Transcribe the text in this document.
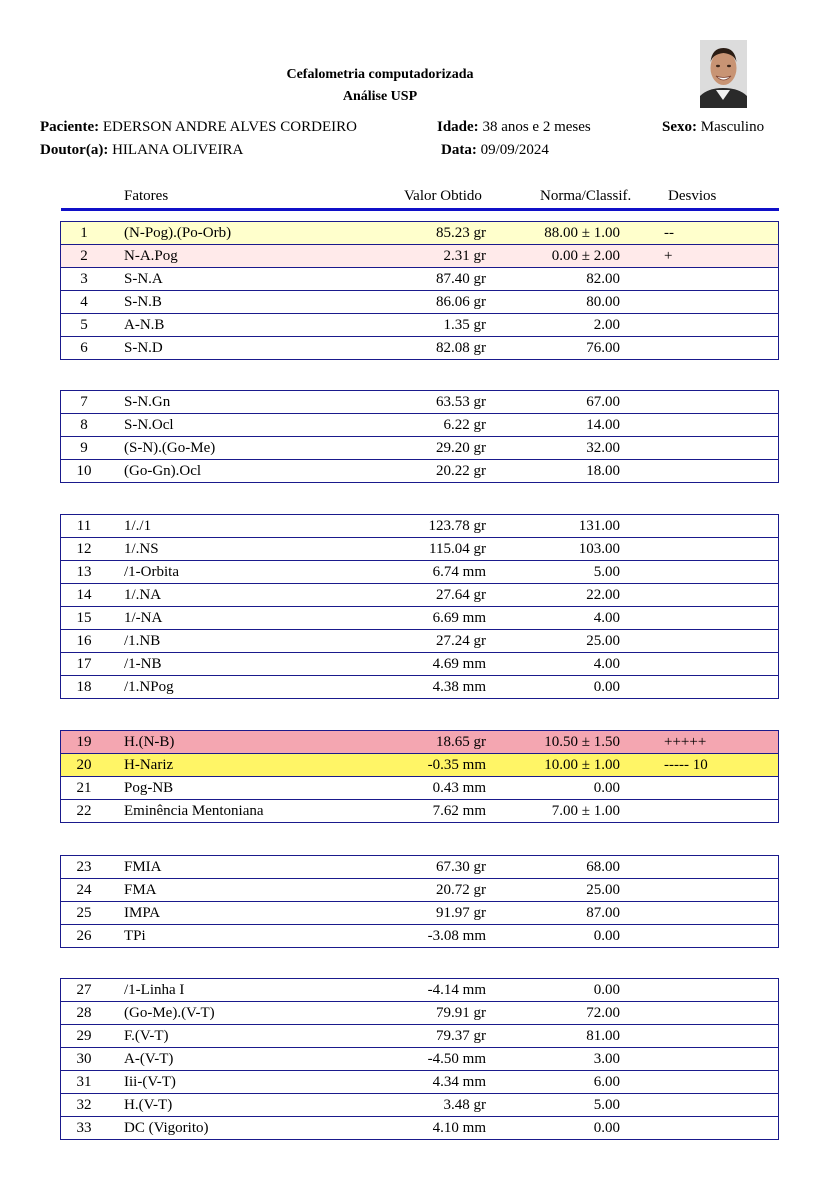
Cefalometria computadorizada
Análise USP
Paciente: EDERSON ANDRE ALVES CORDEIRO	Idade: 38 anos e 2 meses	Sexo: Masculino
Doutor(a): HILANA OLIVEIRA	Data: 09/09/2024
Fatores	Valor Obtido	Norma/Classif. Desvios
1	(N-Pog).(Po-Orb)	85.23 gr	88.00 ± 1.00	--
2	N-A.Pog	2.31 gr	0.00 ± 2.00	+
3	S-N.A	87.40 gr	82.00
4	S-N.B	86.06 gr	80.00
5	A-N.B	1.35 gr	2.00
6	S-N.D	82.08 gr	76.00
7	S-N.Gn	63.53 gr	67.00
8	S-N.Ocl	6.22 gr	14.00
9	(S-N).(Go-Me)	29.20 gr	32.00
10	(Go-Gn).Ocl	20.22 gr	18.00
11	1/./1	123.78 gr	131.00
12	1/.NS	115.04 gr	103.00
13	/1-Orbita	6.74 mm	5.00
14	1/.NA	27.64 gr	22.00
15	1/-NA	6.69 mm	4.00
16	/1.NB	27.24 gr	25.00
17	/1-NB	4.69 mm	4.00
18	/1.NPog	4.38 mm	0.00
19	H.(N-B)	18.65 gr	10.50 ± 1.50	+++++
20	H-Nariz	-0.35 mm	10.00 ± 1.00	----- 10
21	Pog-NB	0.43 mm	0.00
22	Eminência Mentoniana	7.62 mm	7.00 ± 1.00
23	FMIA	67.30 gr	68.00
24	FMA	20.72 gr	25.00
25	IMPA	91.97 gr	87.00
26	TPi	-3.08 mm	0.00
27	/1-Linha I	-4.14 mm	0.00
28	(Go-Me).(V-T)	79.91 gr	72.00
29	F.(V-T)	79.37 gr	81.00
30	A-(V-T)	-4.50 mm	3.00
31	Iii-(V-T)	4.34 mm	6.00
32	H.(V-T)	3.48 gr	5.00
33	DC (Vigorito)	4.10 mm	0.00
